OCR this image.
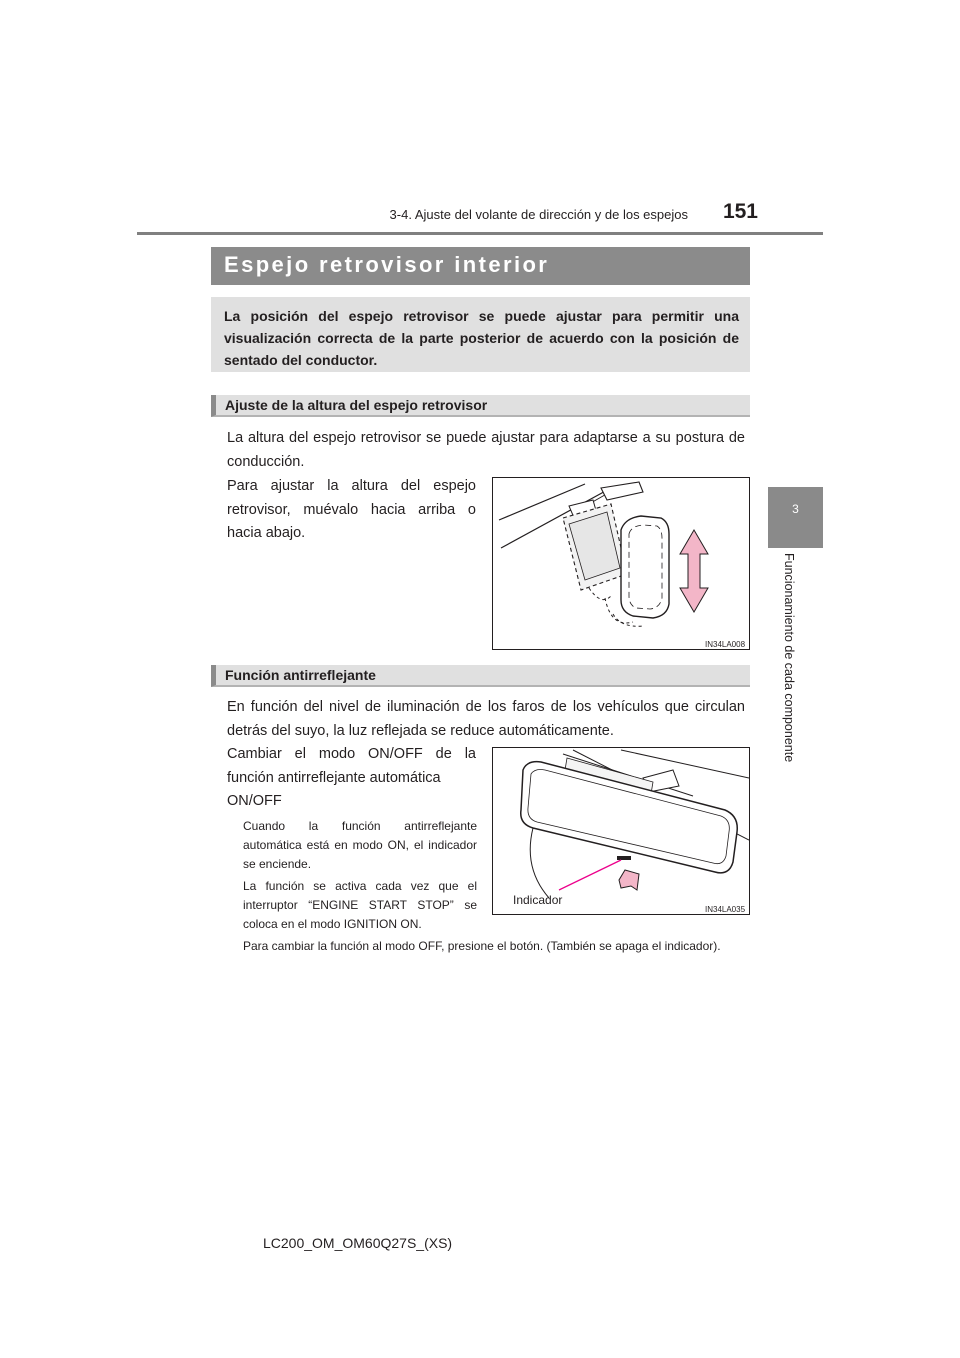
3-4. Ajuste del volante de dirección y de los espejos	151
3
Funcionamiento de cada componente
Espejo retrovisor interior
La posición del espejo retrovisor se puede ajustar para permitir una visualización correcta de la parte posterior de acuerdo con la posición de sentado del conductor.
Ajuste de la altura del espejo retrovisor
La altura del espejo retrovisor se puede ajustar para adaptarse a su postura de conducción.
Para ajustar la altura del espejo retrovisor, muévalo hacia arriba o hacia abajo.
IN34LA008
Función antirreflejante
En función del nivel de iluminación de los faros de los vehículos que circulan detrás del suyo, la luz reflejada se reduce automáticamente.
Cambiar el modo ON/OFF de la función antirreflejante automática
ON/OFF
Cuando la función antirreflejante automática está en modo ON, el indicador se enciende.
La función se activa cada vez que el interruptor “ENGINE START STOP” se coloca en el modo IGNITION ON.
Para cambiar la función al modo OFF, presione el botón. (También se apaga el indicador).
Indicador
IN34LA035
LC200_OM_OM60Q27S_(XS)
